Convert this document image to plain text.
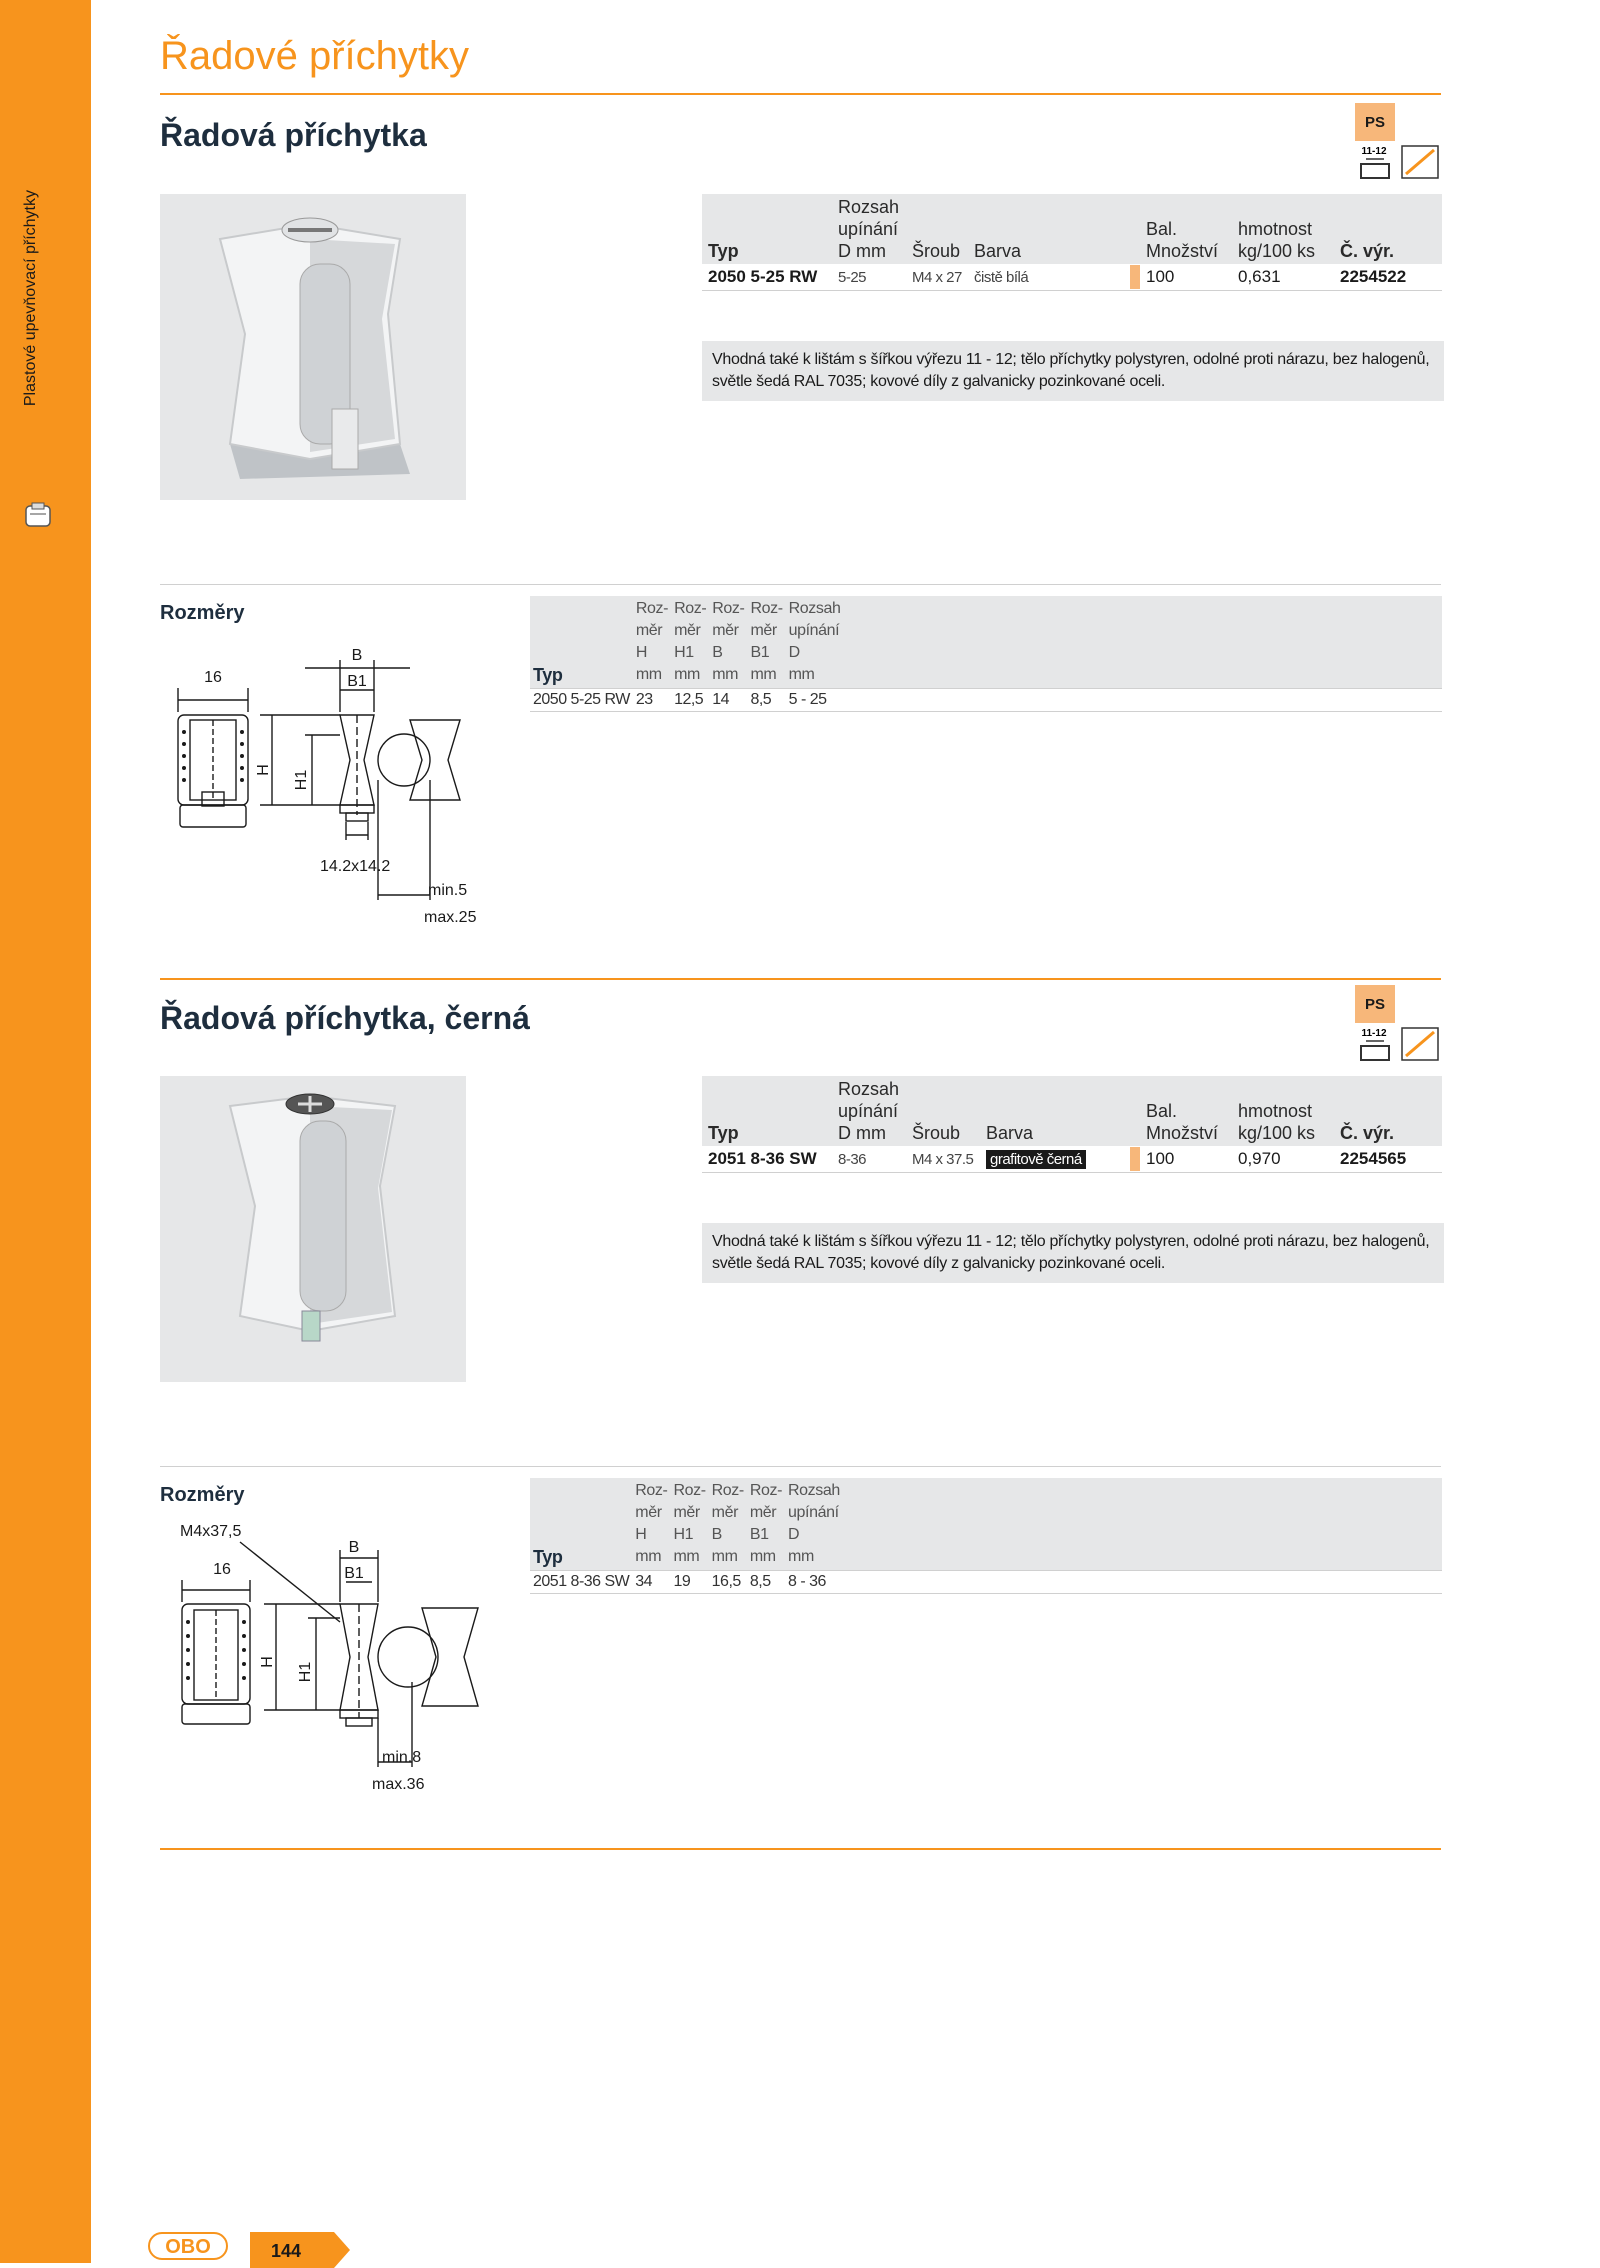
Plastové upevňovací příchytky
Řadové příchytky
Řadová příchytka	PS
11-12
Typ	Rozsah upínání D mm	Šroub	Barva		Bal. Množství	hmotnost kg/100 ks	Č. výr.
2050 5-25 RW	5-25	M4 x 27	čistě bílá		100	0,631	2254522
Vhodná také k lištám s šířkou výřezu 11 - 12; tělo příchytky polystyren, odolné proti nárazu, bez halogenů, světle šedá RAL 7035; kovové díly z galvanicky pozinkované oceli.
Rozměry
Typ	Roz-
měr
H
mm	Roz-
měr
H1
mm	Roz-
měr
B
mm	Roz-
měr
B1
mm	Rozsah
upínání
D
mm	
2050 5-25 RW	23	12,5	14	8,5	5 - 25	
B
B1
16
H H1
14.2x14.2
min.5
max.25
Řadová příchytka, černá	PS
11-12
Typ	Rozsah upínání D mm	Šroub	Barva		Bal. Množství	hmotnost kg/100 ks	Č. výr.
2051 8-36 SW	8-36	M4 x 37.5	grafitově černá		100	0,970	2254565
Vhodná také k lištám s šířkou výřezu 11 - 12; tělo příchytky polystyren, odolné proti nárazu, bez halogenů, světle šedá RAL 7035; kovové díly z galvanicky pozinkované oceli.
Rozměry
Typ	Roz-
měr
H
mm	Roz-
měr
H1
mm	Roz-
měr
B
mm	Roz-
měr
B1
mm	Rozsah
upínání
D
mm	
2051 8-36 SW	34	19	16,5	8,5	8 - 36	
M4x37,5
B
B1
16
H H1
min.8
max.36
OBO	144
